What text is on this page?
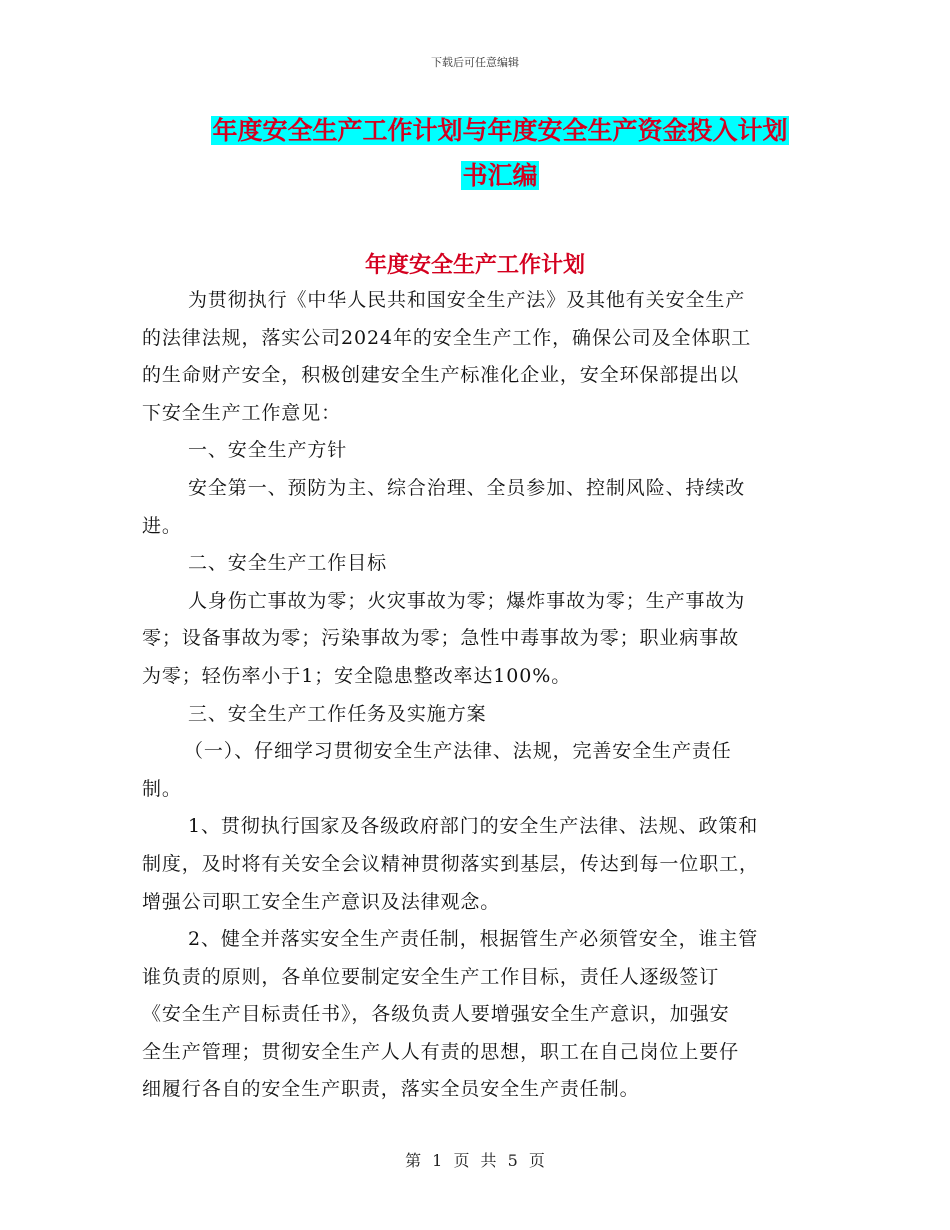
下载后可任意编辑
年度安全生产工作计划与年度安全生产资金投入计划
书汇编
年度安全生产工作计划
为贯彻执行《中华人民共和国安全生产法》及其他有关安全生产
的法律法规，落实公司2024年的安全生产工作，确保公司及全体职工
的生命财产安全，积极创建安全生产标准化企业，安全环保部提出以
下安全生产工作意见：
一、安全生产方针
安全第一、预防为主、综合治理、全员参加、控制风险、持续改
进。
二、安全生产工作目标
人身伤亡事故为零；火灾事故为零；爆炸事故为零；生产事故为
零；设备事故为零；污染事故为零；急性中毒事故为零；职业病事故
为零；轻伤率小于1；安全隐患整改率达100%。
三、安全生产工作任务及实施方案
（一）、仔细学习贯彻安全生产法律、法规，完善安全生产责任
制。
1、贯彻执行国家及各级政府部门的安全生产法律、法规、政策和
制度，及时将有关安全会议精神贯彻落实到基层，传达到每一位职工，
增强公司职工安全生产意识及法律观念。
2、健全并落实安全生产责任制，根据管生产必须管安全，谁主管
谁负责的原则，各单位要制定安全生产工作目标，责任人逐级签订
《安全生产目标责任书》，各级负责人要增强安全生产意识，加强安
全生产管理；贯彻安全生产人人有责的思想，职工在自己岗位上要仔
细履行各自的安全生产职责，落实全员安全生产责任制。
第 1 页 共 5 页
